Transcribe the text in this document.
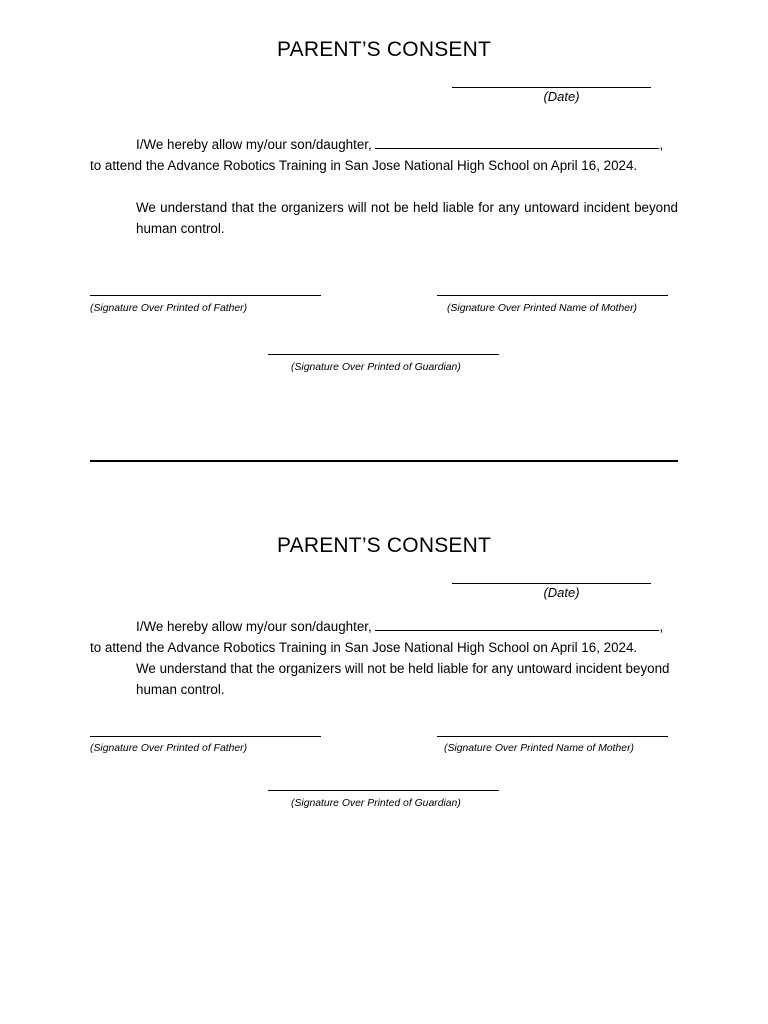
PARENT’S CONSENT
(Date)
I/We hereby allow my/our son/daughter,	,
to attend the Advance Robotics Training in San Jose National High School on April 16, 2024.
We understand that the organizers will not be held liable for any untoward incident beyond human control.
(Signature Over Printed of Father)	(Signature Over Printed Name of Mother)
(Signature Over Printed of Guardian)
PARENT’S CONSENT
(Date)
I/We hereby allow my/our son/daughter,	,
to attend the Advance Robotics Training in San Jose National High School on April 16, 2024.
We understand that the organizers will not be held liable for any untoward incident beyond human control.
(Signature Over Printed of Father)	(Signature Over Printed Name of Mother)
(Signature Over Printed of Guardian)
